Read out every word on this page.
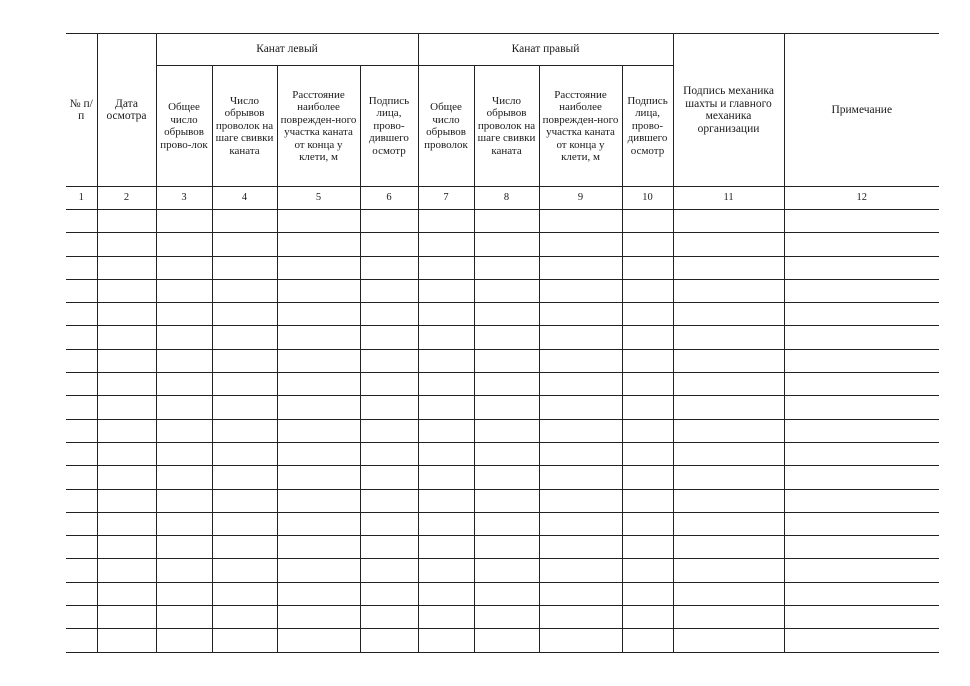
№ п/п	Дата осмотра	Канат левый				Канат правый				Подпись механика шахты и главного механика организации	Примечание

		Общее число обрывов прово-лок	Число обрывов проволок на шаге свивки каната	Расстояние наиболее поврежден-ного участка каната от конца у клети, м	Подпись лица, прово-дившего осмотр	Общее число обрывов проволок	Число обрывов проволок на шаге свивки каната	Расстояние наиболее поврежден-ного участка каната от конца у клети, м	Подпись лица, прово-дившего осмотр		

1	2	3	4	5	6	7	8	9	10	11	12
